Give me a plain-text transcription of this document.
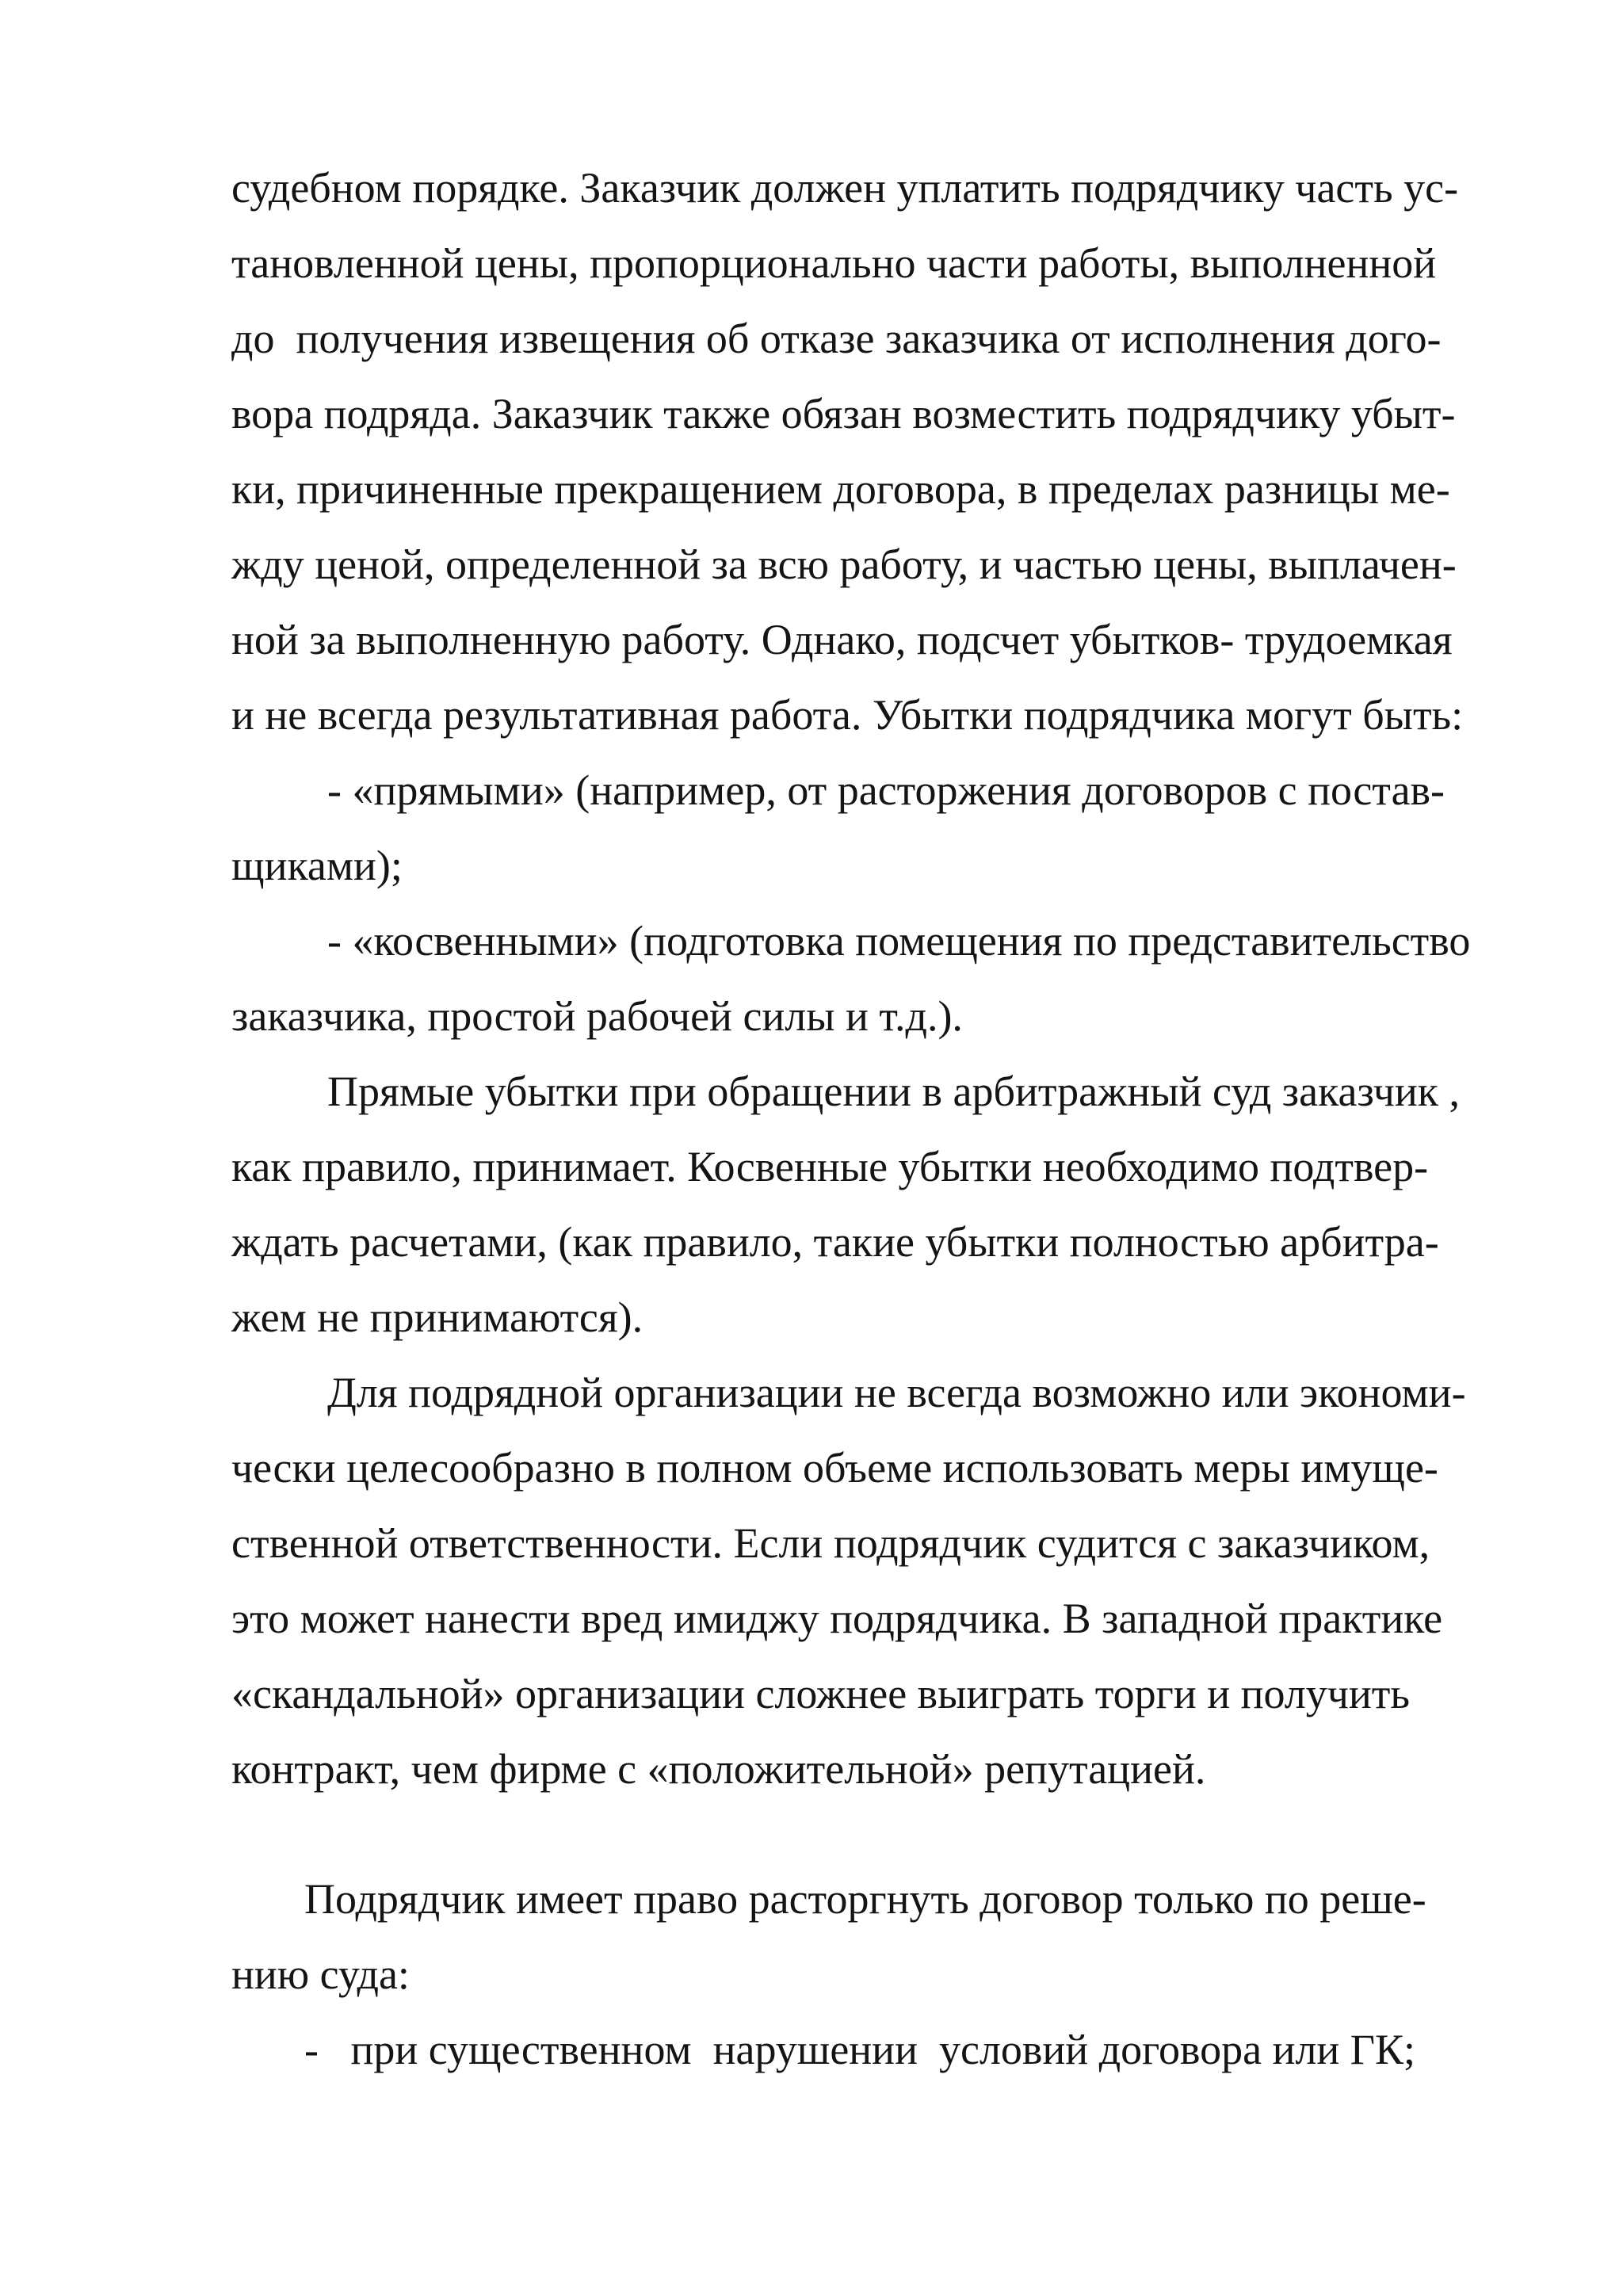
судебном порядке. Заказчик должен уплатить подрядчику часть ус-

тановленной цены, пропорционально части работы, выполненной

до  получения извещения об отказе заказчика от исполнения дого-

вора подряда. Заказчик также обязан возместить подрядчику убыт-

ки, причиненные прекращением договора, в пределах разницы ме-

жду ценой, определенной за всю работу, и частью цены, выплачен-

ной за выполненную работу. Однако, подсчет убытков- трудоемкая

и не всегда результативная работа. Убытки подрядчика могут быть:

- «прямыми» (например, от расторжения договоров с постав-

щиками);

- «косвенными» (подготовка помещения по представительство

заказчика, простой рабочей силы и т.д.).

Прямые убытки при обращении в арбитражный суд заказчик ,

как правило, принимает. Косвенные убытки необходимо подтвер-

ждать расчетами, (как правило, такие убытки полностью арбитра-

жем не принимаются).

Для подрядной организации не всегда возможно или экономи-

чески целесообразно в полном объеме использовать меры имуще-

ственной ответственности. Если подрядчик судится с заказчиком,

это может нанести вред имиджу подрядчика. В западной практике

«скандальной» организации сложнее выиграть торги и получить

контракт, чем фирме с «положительной» репутацией.

Подрядчик имеет право расторгнуть договор только по реше-

нию суда:

-   при существенном  нарушении  условий договора или ГК;
